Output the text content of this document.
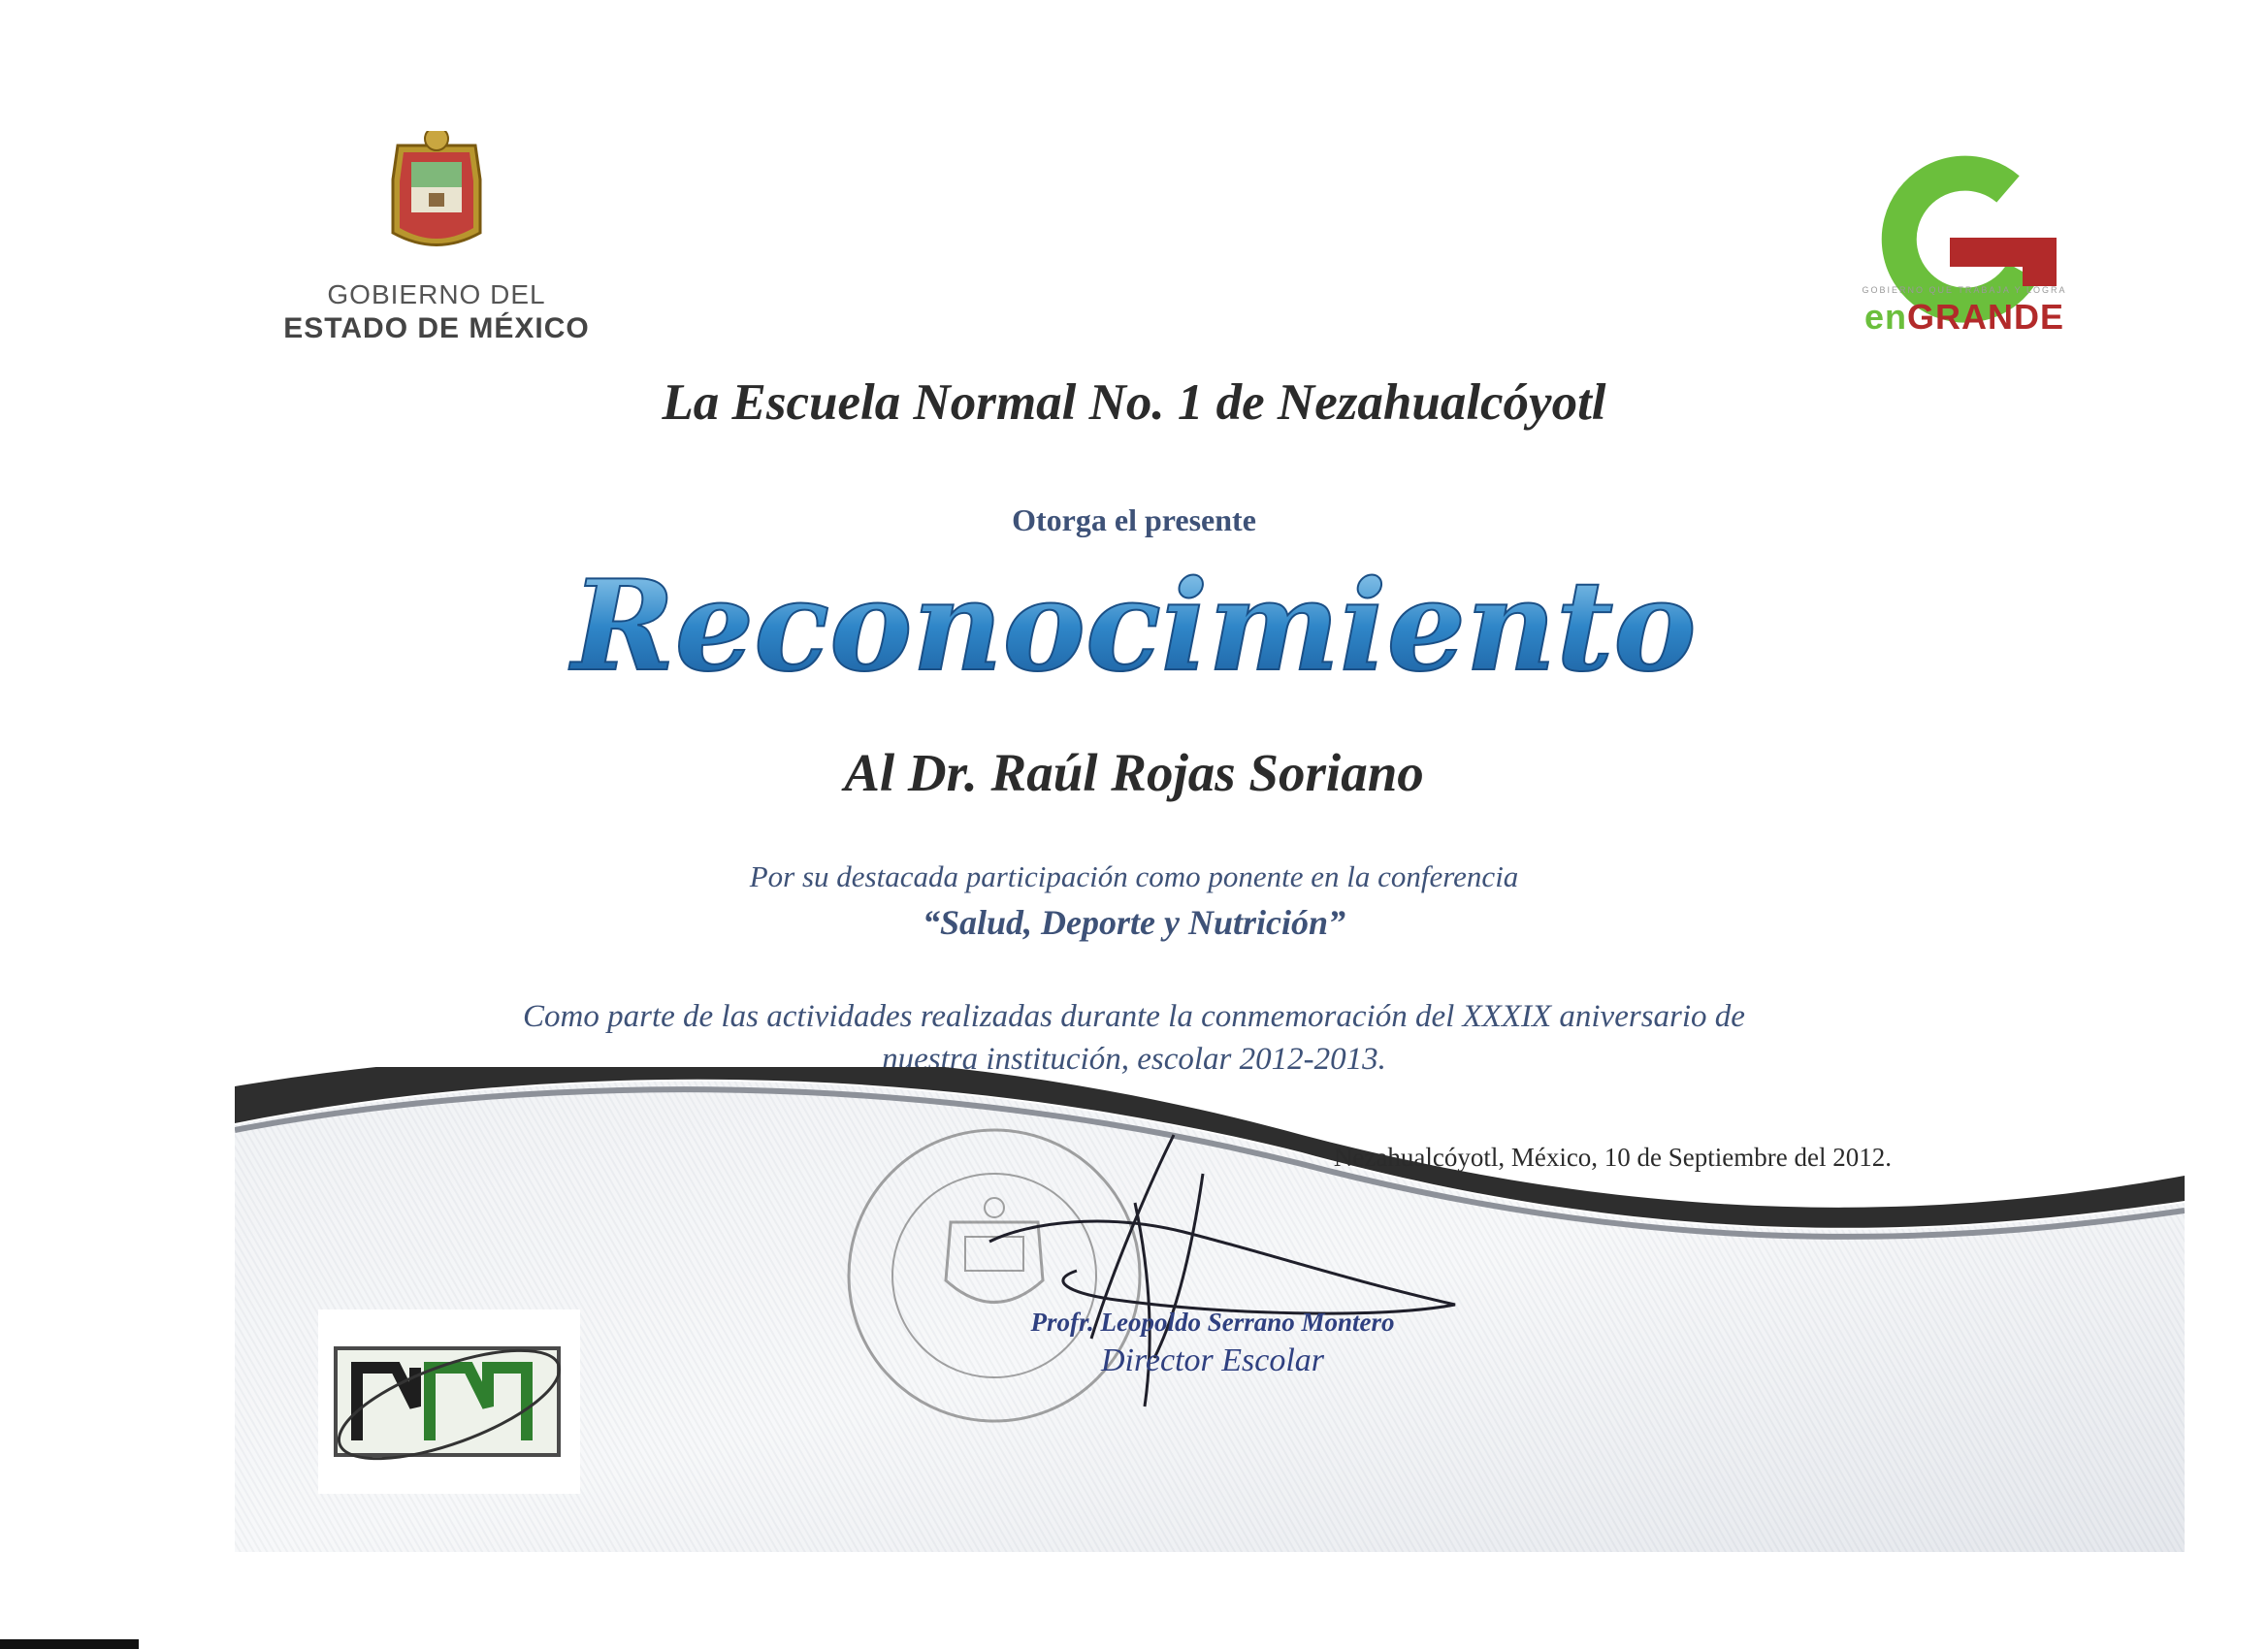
GOBIERNO DEL
ESTADO DE MÉXICO
GOBIERNO QUE TRABAJA Y LOGRA
enGRANDE
La Escuela Normal No. 1 de Nezahualcóyotl
Otorga el presente
Reconocimiento
Al Dr. Raúl Rojas Soriano
Por su destacada participación como ponente en la conferencia
“Salud, Deporte y Nutrición”
Como parte de las actividades realizadas durante la conmemoración del XXXIX aniversario de
nuestra institución, escolar 2012-2013.
Nezahualcóyotl, México, 10 de Septiembre del 2012.
Profr. Leopoldo Serrano Montero
Director Escolar
